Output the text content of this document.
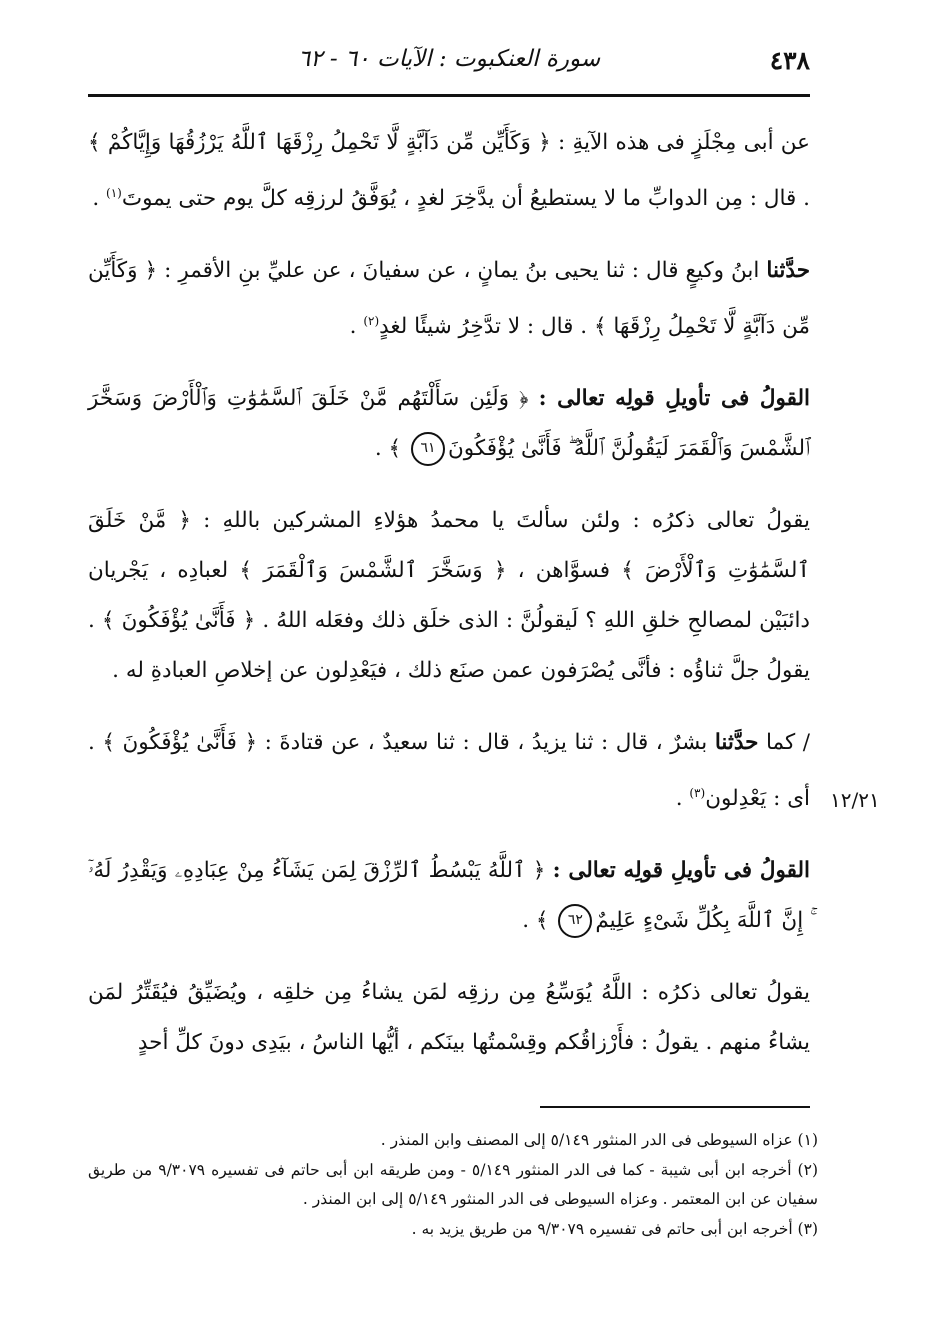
٤٣٨
سورة العنكبوت : الآيات ٦٠ - ٦٢
١٢/٢١

عن أبى مِجْلَزٍ فى هذه الآيةِ : ﴿ وَكَأَيِّن مِّن دَآبَّةٍ لَّا تَحْمِلُ رِزْقَهَا ٱللَّهُ يَرْزُقُهَا وَإِيَّاكُمْ ﴾ . قال : مِن الدوابِّ ما لا يستطيعُ أن يدَّخِرَ لغدٍ ، يُوَفَّقُ لرزقِه كلَّ يوم حتى يموتَ$^{(١)}$ .

حدَّثنا ابنُ وكيعٍ قال : ثنا يحيى بنُ يمانٍ ، عن سفيانَ ، عن عليِّ بنِ الأقمرِ : ﴿ وَكَأَيِّن مِّن دَآبَّةٍ لَّا تَحْمِلُ رِزْقَهَا ﴾ . قال : لا تدَّخِرُ شيئًا لغدٍ$^{(٢)}$ .

القولُ فى تأويلِ قولِه تعالى : ﴿ وَلَئِن سَأَلْتَهُم مَّنْ خَلَقَ ٱلسَّمَٰوَٰتِ وَٱلْأَرْضَ وَسَخَّرَ ٱلشَّمْسَ وَٱلْقَمَرَ لَيَقُولُنَّ ٱللَّهُ ۖ فَأَنَّىٰ يُؤْفَكُونَ٦١ ﴾ .

يقولُ تعالى ذكرُه : ولئن سألتَ يا محمدُ هؤلاءِ المشركين باللهِ : ﴿ مَّنْ خَلَقَ ٱلسَّمَٰوَٰتِ وَٱلْأَرْضَ ﴾ فسوَّاهن ، ﴿ وَسَخَّرَ ٱلشَّمْسَ وَٱلْقَمَرَ ﴾ لعبادِه ، يَجْريان دائبَيْن لمصالحِ خلقِ اللهِ ؟ لَيقولُنَّ : الذى خلَق ذلك وفعَله اللهُ . ﴿ فَأَنَّىٰ يُؤْفَكُونَ ﴾ . يقولُ جلَّ ثناؤُه : فأنَّى يُصْرَفون عمن صنَع ذلك ، فيَعْدِلون عن إخلاصِ العبادةِ له .

/ كما حدَّثنا بشرٌ ، قال : ثنا يزيدُ ، قال : ثنا سعيدٌ ، عن قتادةَ : ﴿ فَأَنَّىٰ يُؤْفَكُونَ ﴾ . أى : يَعْدِلون$^{(٣)}$ .

القولُ فى تأويلِ قولِه تعالى : ﴿ ٱللَّهُ يَبْسُطُ ٱلرِّزْقَ لِمَن يَشَآءُ مِنْ عِبَادِهِۦ وَيَقْدِرُ لَهُۥٓ ۚ إِنَّ ٱللَّهَ بِكُلِّ شَىْءٍ عَلِيمٌ٦٢ ﴾ .

يقولُ تعالى ذكرُه : اللَّهُ يُوَسِّعُ مِن رزقِه لمَن يشاءُ مِن خلقِه ، ويُضَيِّقُ فيُقَتِّرُ لمَن يشاءُ منهم . يقولُ : فأَرْزاقُكم وقِسْمتُها بينَكم ، أيُّها الناسُ ، بيَدِى دونَ كلِّ أحدٍ

(١) عزاه السيوطى فى الدر المنثور ٥/١٤٩ إلى المصنف وابن المنذر .

(٢) أخرجه ابن أبى شيبة - كما فى الدر المنثور ٥/١٤٩ - ومن طريقه ابن أبى حاتم فى تفسيره ٩/٣٠٧٩ من طريق سفيان عن ابن المعتمر . وعزاه السيوطى فى الدر المنثور ٥/١٤٩ إلى ابن المنذر .

(٣) أخرجه ابن أبى حاتم فى تفسيره ٩/٣٠٧٩ من طريق يزيد به .
